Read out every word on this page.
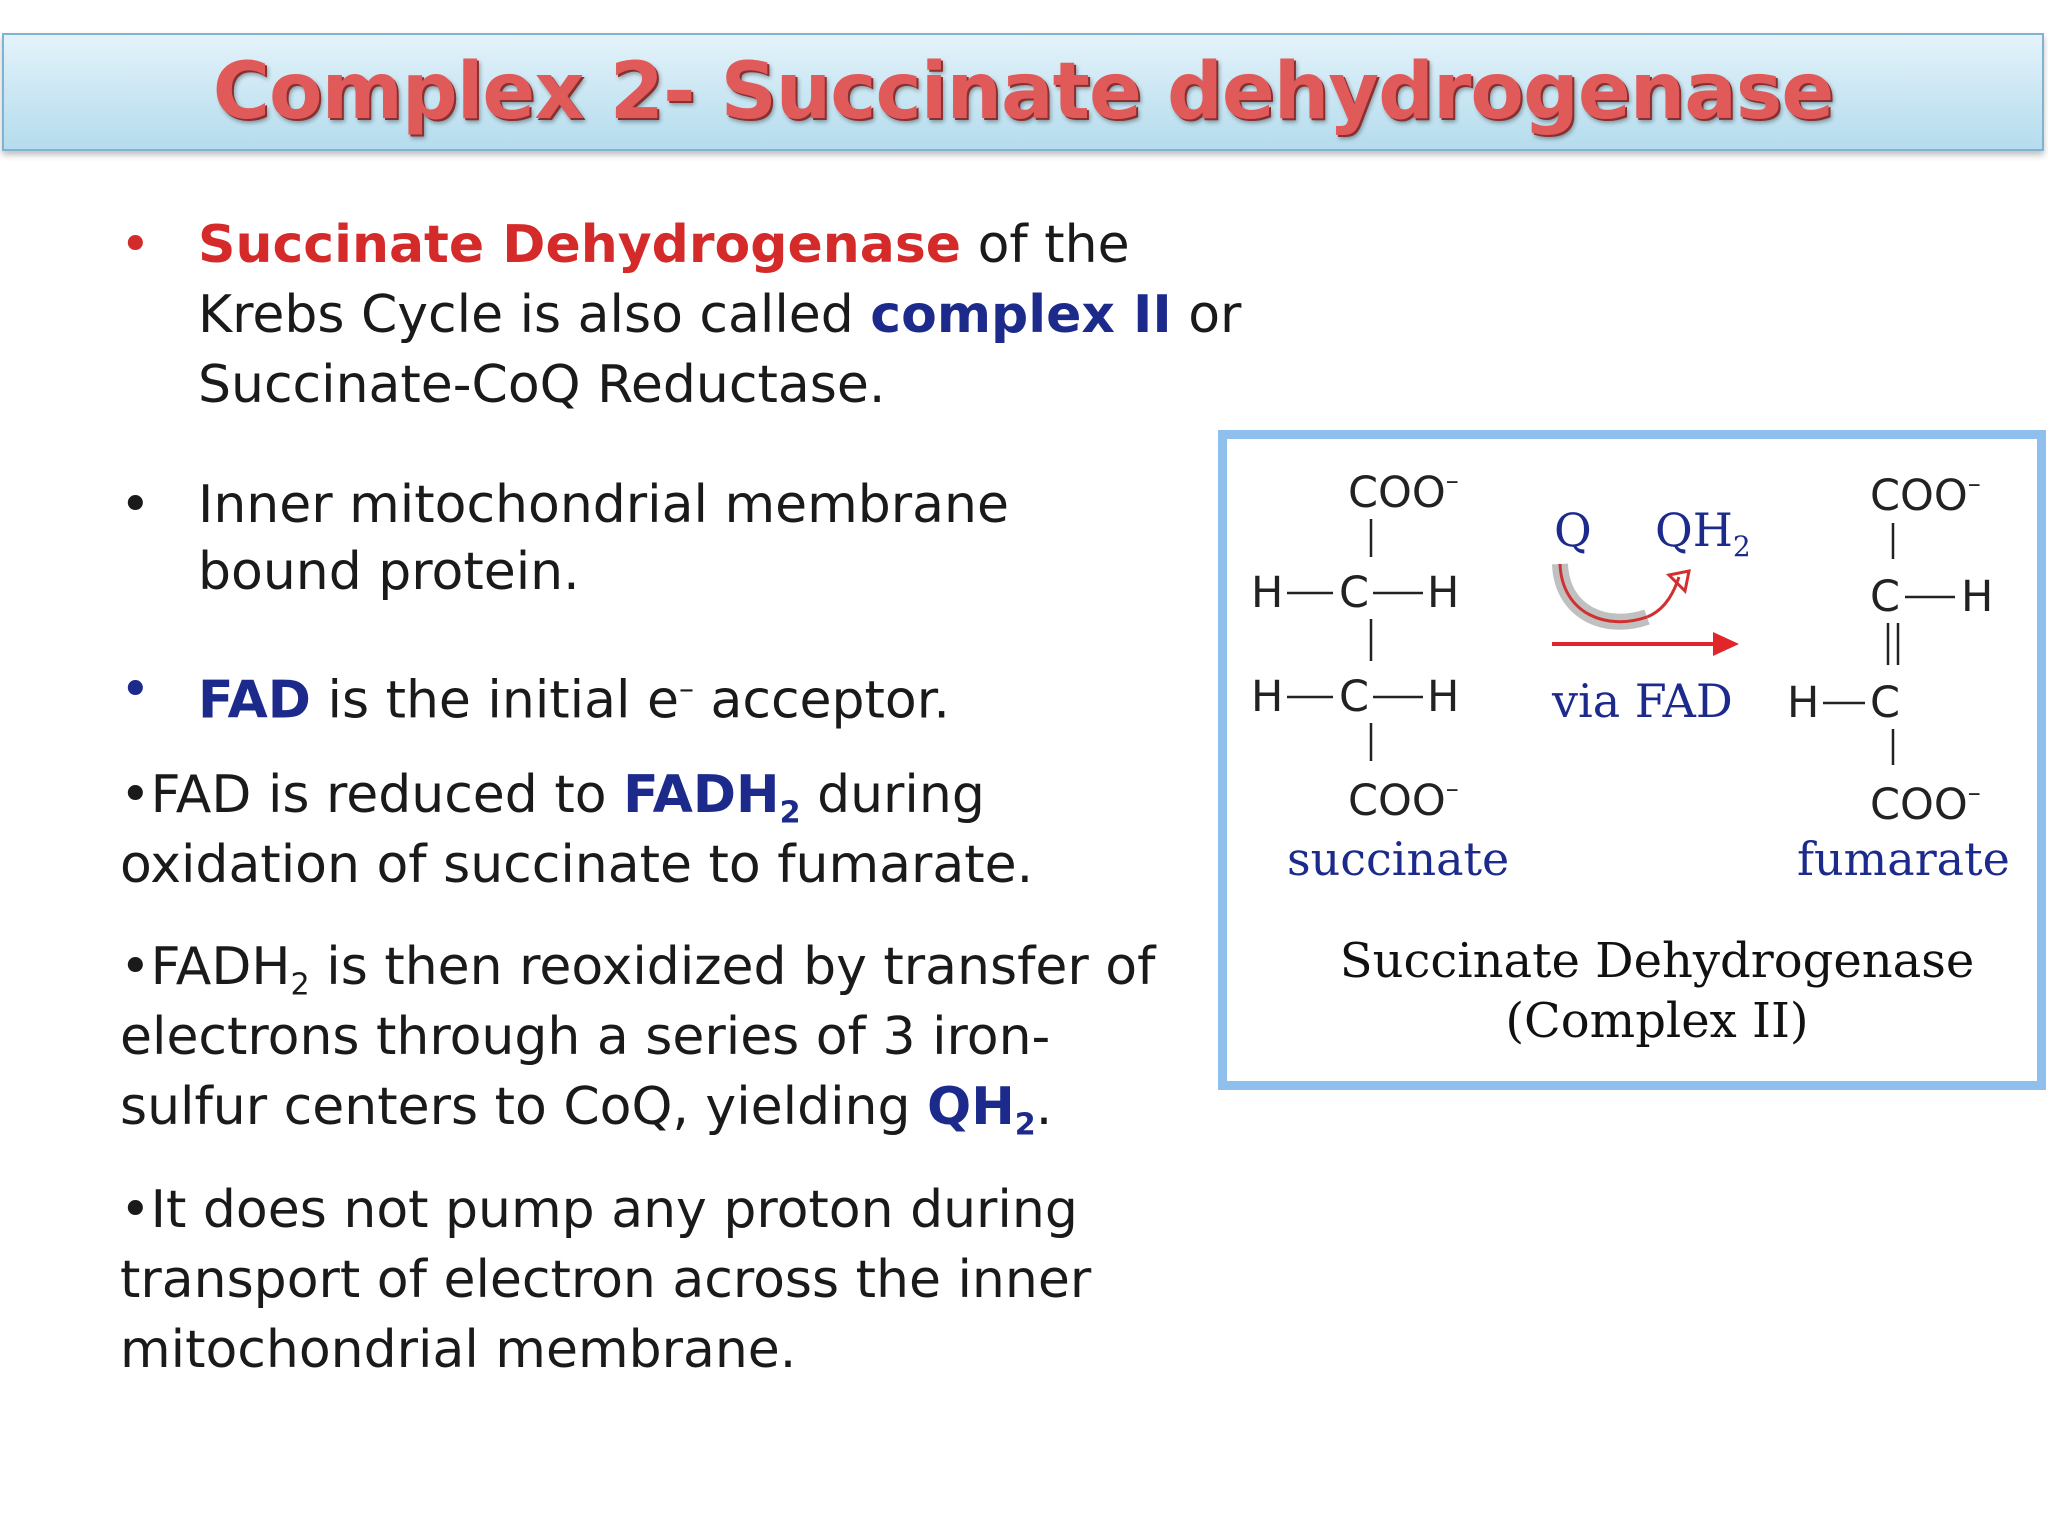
Complex 2- Succinate dehydrogenase
• Succinate Dehydrogenase of the
Krebs Cycle is also called complex II or
Succinate-CoQ Reductase.
• Inner mitochondrial membrane
bound protein.
• FAD is the initial e– acceptor.
•FAD is reduced to $FADH_2$ during
oxidation of succinate to fumarate.
$•FADH_2$ is then reoxidized by transfer of
electrons through a series of 3 iron-
sulfur centers to CoQ, yielding $QH_2$.
•It does not pump any proton during
transport of electron across the inner
mitochondrial membrane.
COO–
H C H
H C H
COO–
succinate
Q $QH_2$
via FAD
COO–
C H
H C
COO–
fumarate
Succinate Dehydrogenase
(Complex II)
